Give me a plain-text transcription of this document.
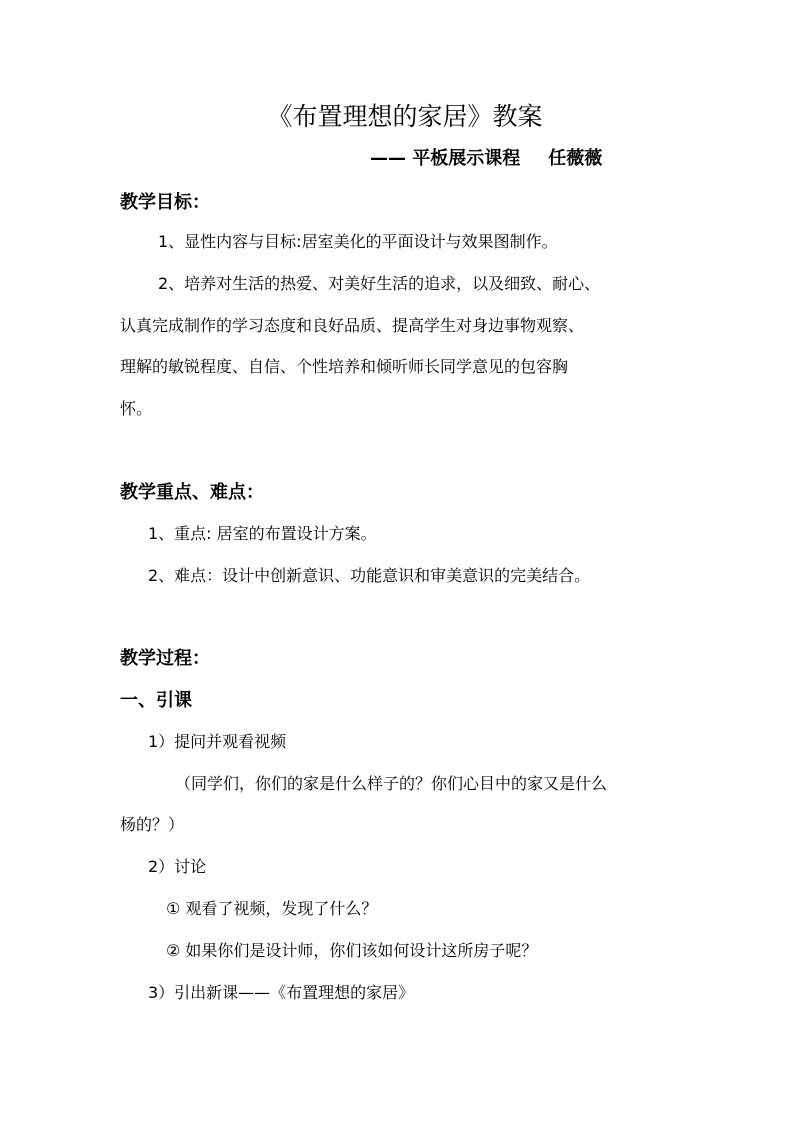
《布置理想的家居》教案
—— 平板展示课程 任薇薇
教学目标：
1、显性内容与目标:居室美化的平面设计与效果图制作。
2、培养对生活的热爱、对美好生活的追求，以及细致、耐心、
认真完成制作的学习态度和良好品质、提高学生对身边事物观察、
理解的敏锐程度、自信、个性培养和倾听师长同学意见的包容胸
怀。
教学重点、难点：
1、重点: 居室的布置设计方案。
2、难点：设计中创新意识、功能意识和审美意识的完美结合。
教学过程：
一、引课
1）提问并观看视频
（同学们，你们的家是什么样子的？你们心目中的家又是什么
杨的？）
2）讨论
① 观看了视频，发现了什么？
② 如果你们是设计师，你们该如何设计这所房子呢？
3）引出新课——《布置理想的家居》
